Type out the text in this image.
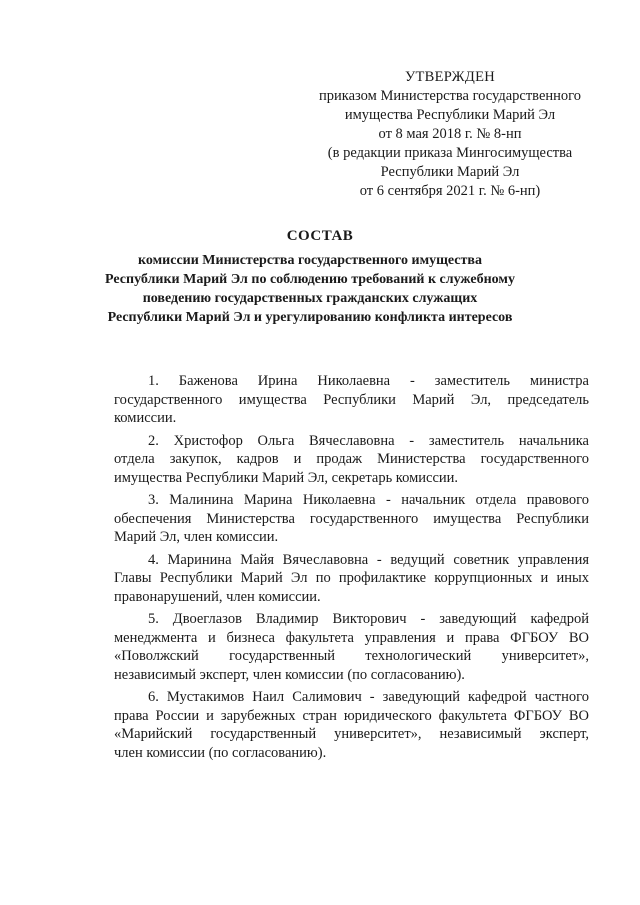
УТВЕРЖДЕН
приказом Министерства государственного
имущества Республики Марий Эл
от 8 мая 2018 г. № 8-нп
(в редакции приказа Мингосимущества
Республики Марий Эл
от 6 сентября 2021 г. № 6-нп)
СОСТАВ
комиссии Министерства государственного имущества
Республики Марий Эл по соблюдению требований к служебному
поведению государственных гражданских служащих
Республики Марий Эл и урегулированию конфликта интересов
1. Баженова Ирина Николаевна - заместитель министра
государственного имущества Республики Марий Эл, председатель
комиссии.
2. Христофор Ольга Вячеславовна - заместитель начальника
отдела закупок, кадров и продаж Министерства государственного
имущества Республики Марий Эл, секретарь комиссии.
3. Малинина Марина Николаевна - начальник отдела правового
обеспечения Министерства государственного имущества Республики
Марий Эл, член комиссии.
4. Маринина Майя Вячеславовна - ведущий советник управления
Главы Республики Марий Эл по профилактике коррупционных и иных
правонарушений, член комиссии.
5. Двоеглазов Владимир Викторович - заведующий кафедрой
менеджмента и бизнеса факультета управления и права ФГБОУ ВО
«Поволжский государственный технологический университет»,
независимый эксперт, член комиссии (по согласованию).
6. Мустакимов Наил Салимович - заведующий кафедрой частного
права России и зарубежных стран юридического факультета ФГБОУ ВО
«Марийский государственный университет», независимый эксперт,
член комиссии (по согласованию).
